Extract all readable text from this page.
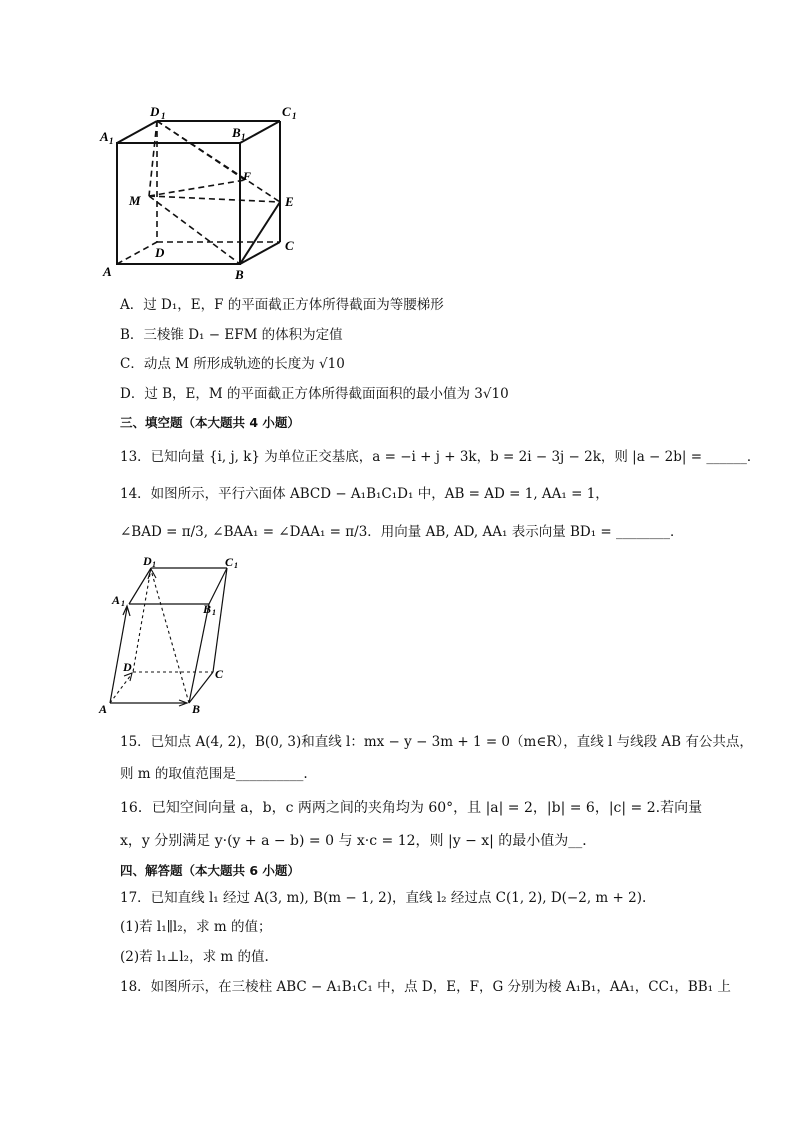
D 1	C 1
A 1
B 1
F
M	E
D	C
A	B
A．过 D₁，E，F 的平面截正方体所得截面为等腰梯形
B．三棱锥 D₁ − EFM 的体积为定值
C．动点 M 所形成轨迹的长度为 √10
D．过 B，E，M 的平面截正方体所得截面面积的最小值为 3√10
三、填空题（本大题共 4 小题）
13．已知向量 {i, j, k} 为单位正交基底，a = −i + j + 3k，b = 2i − 3j − 2k，则 |a − 2b| = ______．
14．如图所示，平行六面体 ABCD − A₁B₁C₁D₁ 中，AB = AD = 1, AA₁ = 1，
∠BAD = π/3, ∠BAA₁ = ∠DAA₁ = π/3．用向量 AB, AD, AA₁ 表示向量 BD₁ = ________．
D 1	C 1
A 1	B 1
D	C
A	B
15．已知点 A(4, 2)，B(0, 3)和直线 l：mx − y − 3m + 1 = 0（m∈R），直线 l 与线段 AB 有公共点，
则 m 的取值范围是__________.
16．已知空间向量 a，b，c 两两之间的夹角均为 60°，且 |a| = 2，|b| = 6，|c| = 2.若向量
x，y 分别满足 y·(y + a − b) = 0 与 x·c = 12，则 |y − x| 的最小值为__．
四、解答题（本大题共 6 小题）
17．已知直线 l₁ 经过 A(3, m), B(m − 1, 2)，直线 l₂ 经过点 C(1, 2), D(−2, m + 2).
(1)若 l₁∥l₂，求 m 的值；
(2)若 l₁⊥l₂，求 m 的值.
18．如图所示，在三棱柱 ABC − A₁B₁C₁ 中，点 D，E，F，G 分别为棱 A₁B₁，AA₁，CC₁，BB₁ 上
